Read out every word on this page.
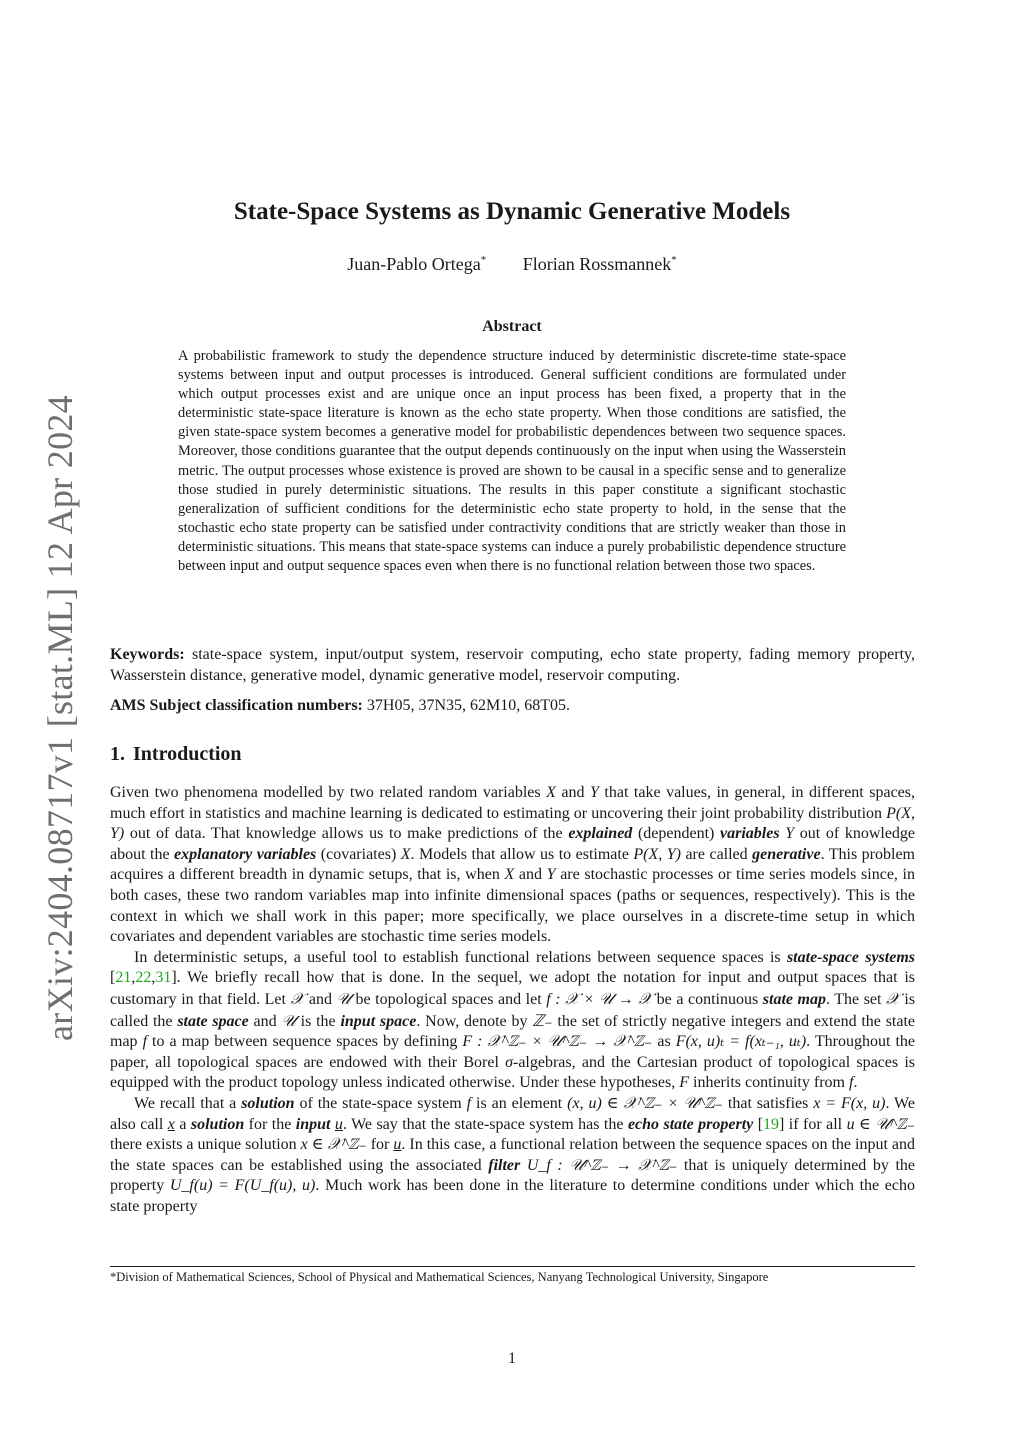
arXiv:2404.08717v1 [stat.ML] 12 Apr 2024
State-Space Systems as Dynamic Generative Models
Juan-Pablo Ortega* Florian Rossmannek*
Abstract

A probabilistic framework to study the dependence structure induced by deterministic discrete-time state-space systems between input and output processes is introduced. General sufficient conditions are formulated under which output processes exist and are unique once an input process has been fixed, a property that in the deterministic state-space literature is known as the echo state property. When those conditions are satisfied, the given state-space system becomes a generative model for probabilistic dependences between two sequence spaces. Moreover, those conditions guarantee that the output depends continuously on the input when using the Wasserstein metric. The output processes whose existence is proved are shown to be causal in a specific sense and to generalize those studied in purely deterministic situations. The results in this paper constitute a significant stochastic generalization of sufficient conditions for the deterministic echo state property to hold, in the sense that the stochastic echo state property can be satisfied under contractivity conditions that are strictly weaker than those in deterministic situations. This means that state-space systems can induce a purely probabilistic dependence structure between input and output sequence spaces even when there is no functional relation between those two spaces.

Keywords: state-space system, input/output system, reservoir computing, echo state property, fading memory property, Wasserstein distance, generative model, dynamic generative model, reservoir computing.

AMS Subject classification numbers: 37H05, 37N35, 62M10, 68T05.

1. Introduction

Given two phenomena modelled by two related random variables X and Y that take values, in general, in different spaces, much effort in statistics and machine learning is dedicated to estimating or uncovering their joint probability distribution P(X, Y) out of data. That knowledge allows us to make predictions of the explained (dependent) variables Y out of knowledge about the explanatory variables (covariates) X. Models that allow us to estimate P(X, Y) are called generative. This problem acquires a different breadth in dynamic setups, that is, when X and Y are stochastic processes or time series models since, in both cases, these two random variables map into infinite dimensional spaces (paths or sequences, respectively). This is the context in which we shall work in this paper; more specifically, we place ourselves in a discrete-time setup in which covariates and dependent variables are stochastic time series models.

In deterministic setups, a useful tool to establish functional relations between sequence spaces is state-space systems [21,22,31]. We briefly recall how that is done. In the sequel, we adopt the notation for input and output spaces that is customary in that field. Let 𝒳 and 𝒰 be topological spaces and let f : 𝒳 × 𝒰 → 𝒳 be a continuous state map. The set 𝒳 is called the state space and 𝒰 is the input space. Now, denote by ℤ₋ the set of strictly negative integers and extend the state map f to a map between sequence spaces by defining F : 𝒳^ℤ₋ × 𝒰^ℤ₋ → 𝒳^ℤ₋ as F(x, u)ₜ = f(xₜ₋₁, uₜ). Throughout the paper, all topological spaces are endowed with their Borel σ-algebras, and the Cartesian product of topological spaces is equipped with the product topology unless indicated otherwise. Under these hypotheses, F inherits continuity from f.

We recall that a solution of the state-space system f is an element (x, u) ∈ 𝒳^ℤ₋ × 𝒰^ℤ₋ that satisfies x = F(x, u). We also call x a solution for the input u. We say that the state-space system has the echo state property [19] if for all u ∈ 𝒰^ℤ₋ there exists a unique solution x ∈ 𝒳^ℤ₋ for u. In this case, a functional relation between the sequence spaces on the input and the state spaces can be established using the associated filter U_f : 𝒰^ℤ₋ → 𝒳^ℤ₋ that is uniquely determined by the property U_f(u) = F(U_f(u), u). Much work has been done in the literature to determine conditions under which the echo state property

*Division of Mathematical Sciences, School of Physical and Mathematical Sciences, Nanyang Technological University, Singapore

1
